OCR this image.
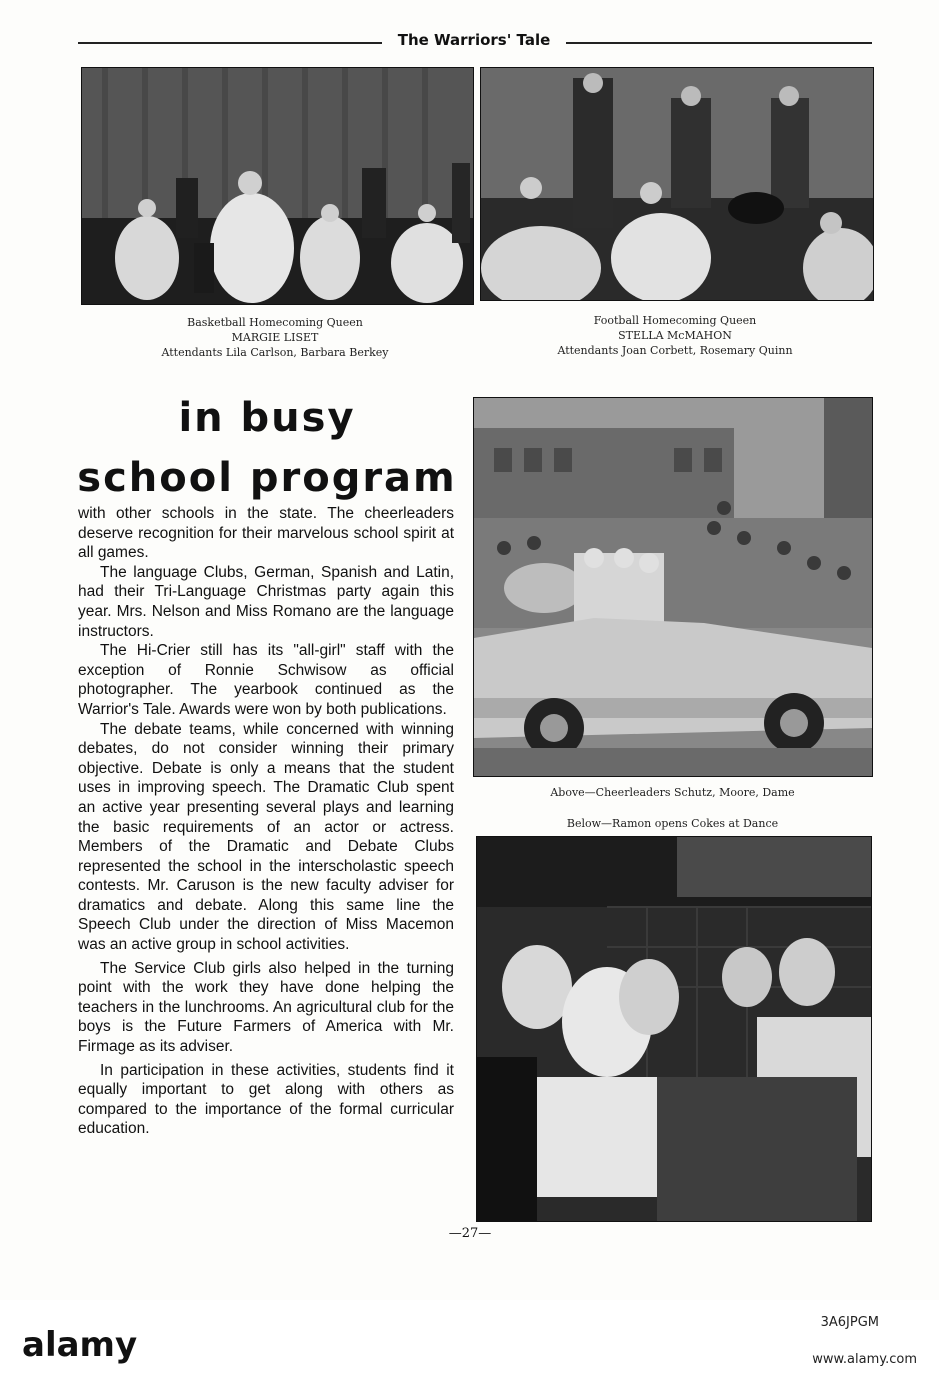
The Warriors' Tale
Basketball Homecoming Queen
MARGIE LISET
Attendants Lila Carlson, Barbara Berkey
Football Homecoming Queen
STELLA McMAHON
Attendants Joan Corbett, Rosemary Quinn
in busy
school program

with other schools in the state. The cheerleaders deserve recognition for their marvelous school spirit at all games.

The language Clubs, German, Spanish and Latin, had their Tri-Language Christmas party again this year. Mrs. Nelson and Miss Romano are the language instructors.

The Hi-Crier still has its "all-girl" staff with the exception of Ronnie Schwisow as official photographer. The yearbook continued as the Warrior's Tale. Awards were won by both publications.

The debate teams, while concerned with winning debates, do not consider winning their primary objective. Debate is only a means that the student uses in improving speech. The Dramatic Club spent an active year presenting several plays and learning the basic requirements of an actor or actress. Members of the Dramatic and Debate Clubs represented the school in the interscholastic speech contests. Mr. Caruson is the new faculty adviser for dramatics and debate. Along this same line the Speech Club under the direction of Miss Macemon was an active group in school activities.

The Service Club girls also helped in the turning point with the work they have done helping the teachers in the lunchrooms. An agricultural club for the boys is the Future Farmers of America with Mr. Firmage as its adviser.

In participation in these activities, students find it equally important to get along with others as compared to the importance of the formal curricular education.

Above—Cheerleaders Schutz, Moore, Dame
Below—Ramon opens Cokes at Dance
—27—
alamy
3A6JPGM
www.alamy.com
